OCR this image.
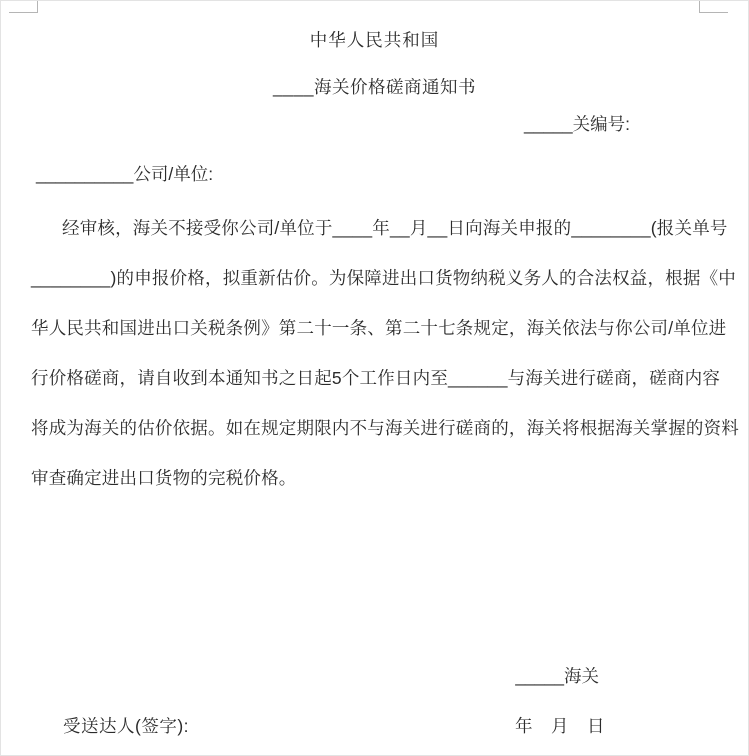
中华人民共和国
____海关价格磋商通知书
_____关编号:
__________公司/单位:
经审核，海关不接受你公司/单位于____年__月__日向海关申报的________(报关单号
________)的申报价格，拟重新估价。为保障进出口货物纳税义务人的合法权益，根据《中
华人民共和国进出口关税条例》第二十一条、第二十七条规定，海关依法与你公司/单位进
行价格磋商，请自收到本通知书之日起5个工作日内至______与海关进行磋商，磋商内容
将成为海关的估价依据。如在规定期限内不与海关进行磋商的，海关将根据海关掌握的资料
审查确定进出口货物的完税价格。
_____海关
受送达人(签字):	年　月　日
